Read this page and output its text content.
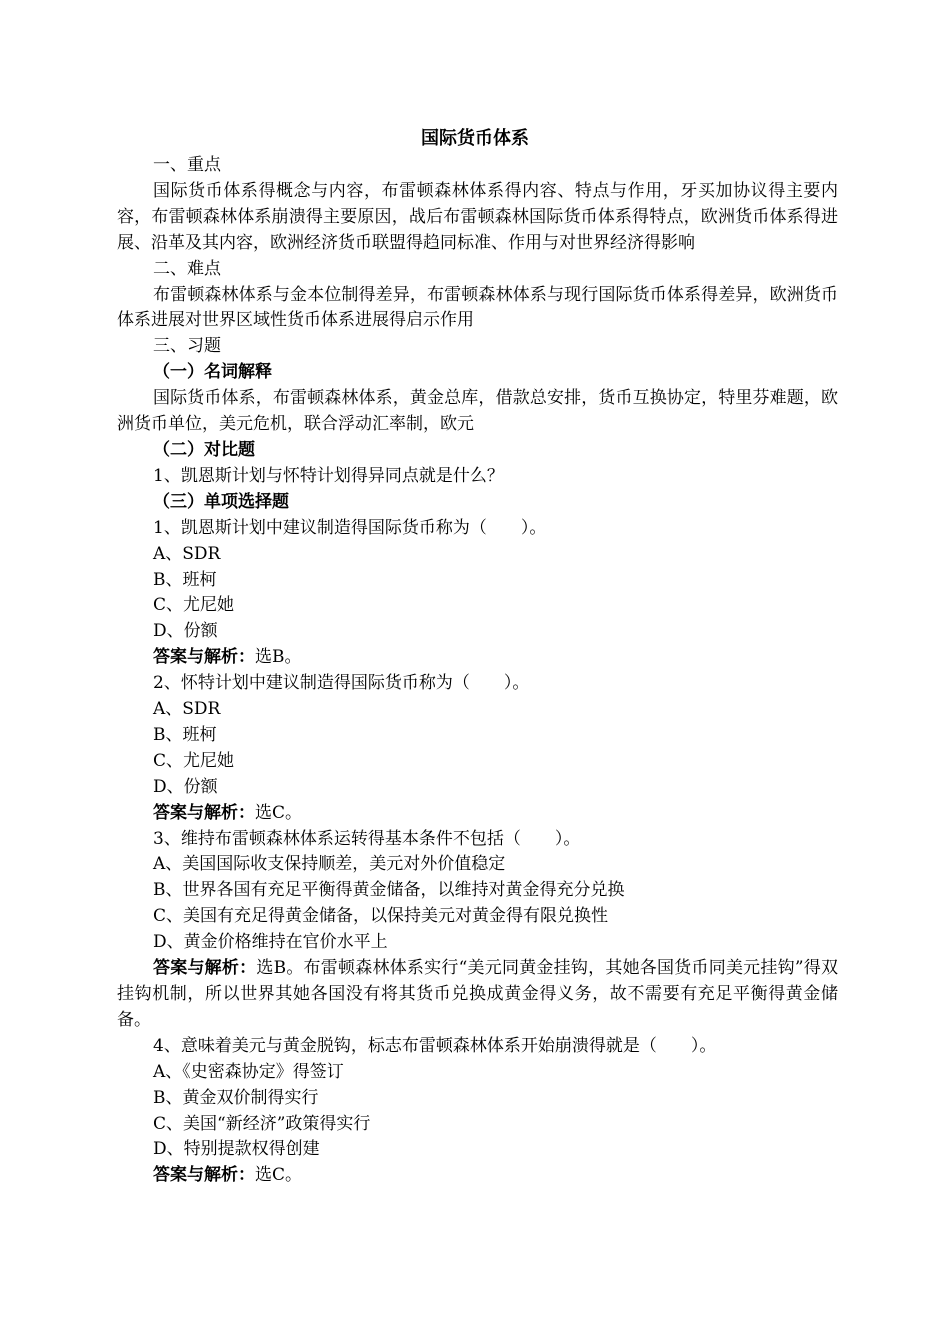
国际货币体系

一、重点

国际货币体系得概念与内容，布雷顿森林体系得内容、特点与作用，牙买加协议得主要内容，布雷顿森林体系崩溃得主要原因，战后布雷顿森林国际货币体系得特点，欧洲货币体系得进展、沿革及其内容，欧洲经济货币联盟得趋同标准、作用与对世界经济得影响

二、难点

布雷顿森林体系与金本位制得差异，布雷顿森林体系与现行国际货币体系得差异，欧洲货币体系进展对世界区域性货币体系进展得启示作用

三、习题

（一）名词解释

国际货币体系，布雷顿森林体系，黄金总库，借款总安排，货币互换协定，特里芬难题，欧洲货币单位，美元危机，联合浮动汇率制，欧元

（二）对比题

1、凯恩斯计划与怀特计划得异同点就是什么？

（三）单项选择题

1、凯恩斯计划中建议制造得国际货币称为（　　）。

A、SDR

B、班柯

C、尤尼她

D、份额

答案与解析：选B。

2、怀特计划中建议制造得国际货币称为（　　）。

A、SDR

B、班柯

C、尤尼她

D、份额

答案与解析：选C。

3、维持布雷顿森林体系运转得基本条件不包括（　　）。

A、美国国际收支保持顺差，美元对外价值稳定

B、世界各国有充足平衡得黄金储备，以维持对黄金得充分兑换

C、美国有充足得黄金储备，以保持美元对黄金得有限兑换性

D、黄金价格维持在官价水平上

答案与解析：选B。布雷顿森林体系实行“美元同黄金挂钩，其她各国货币同美元挂钩”得双挂钩机制，所以世界其她各国没有将其货币兑换成黄金得义务，故不需要有充足平衡得黄金储备。

4、意味着美元与黄金脱钩，标志布雷顿森林体系开始崩溃得就是（　　）。

A、《史密森协定》得签订

B、黄金双价制得实行

C、美国“新经济”政策得实行

D、特别提款权得创建

答案与解析：选C。
